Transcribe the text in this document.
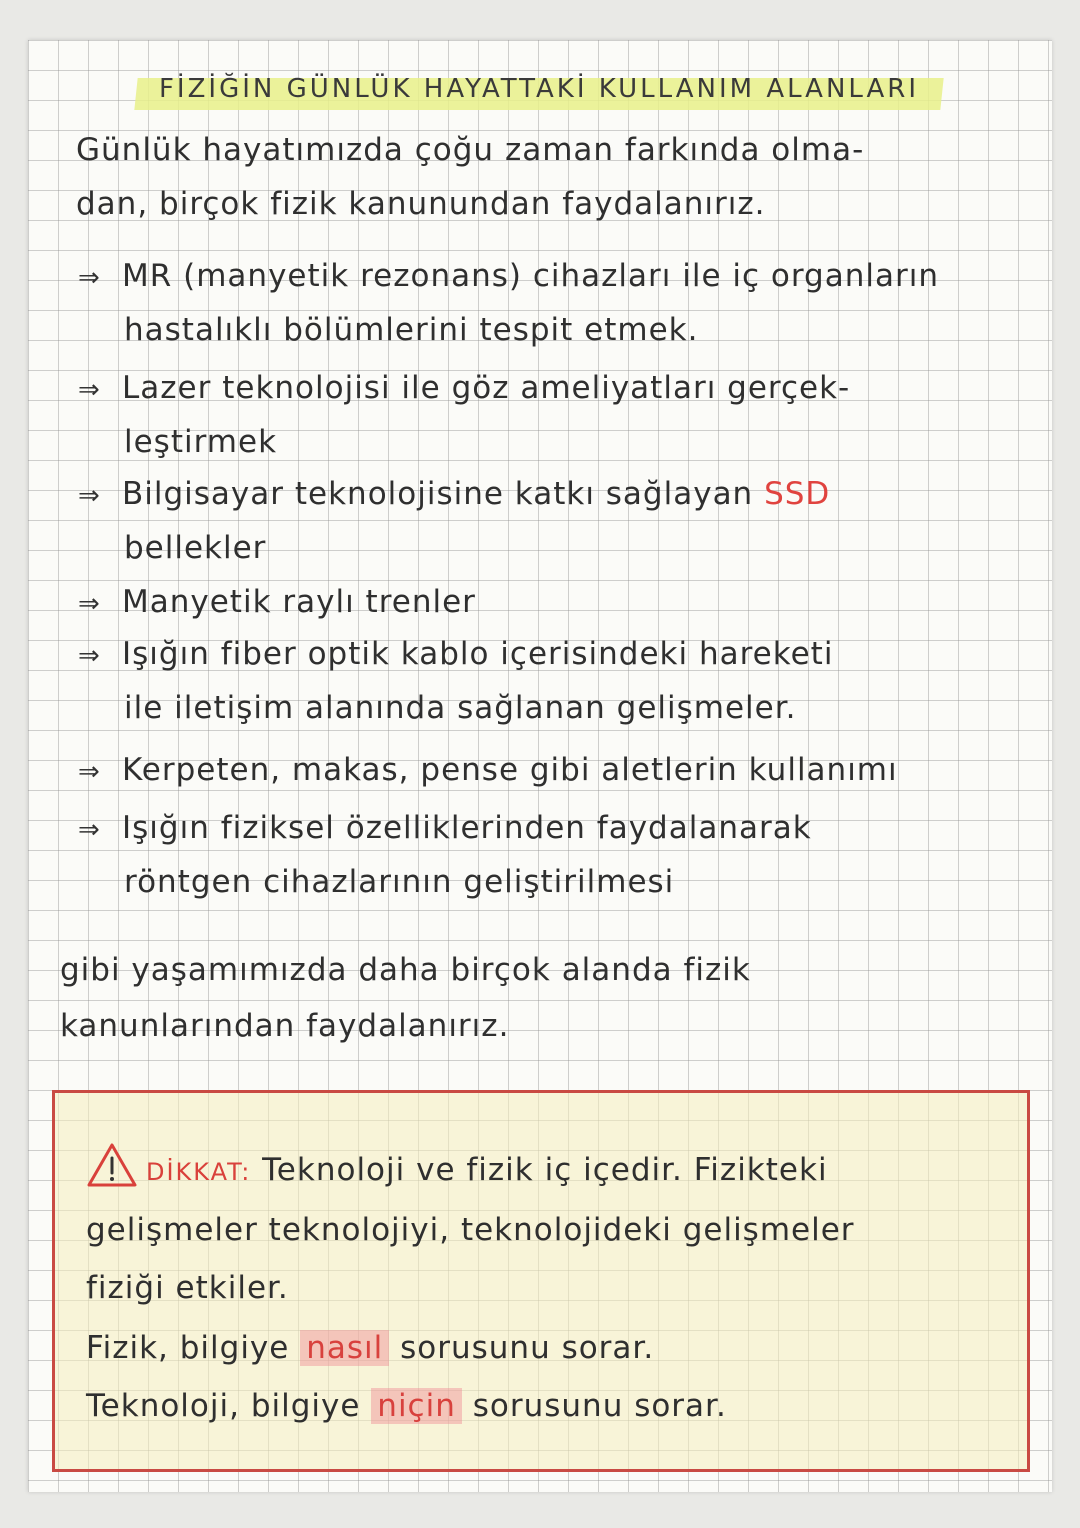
FİZİĞİN GÜNLÜK HAYATTAKİ KULLANIM ALANLARI
Günlük hayatımızda çoğu zaman farkında olma-
dan, birçok fizik kanunundan faydalanırız.
⇒ MR (manyetik rezonans) cihazları ile iç organların
hastalıklı bölümlerini tespit etmek.
⇒ Lazer teknolojisi ile göz ameliyatları gerçek-
leştirmek
⇒ Bilgisayar teknolojisine katkı sağlayan SSD
bellekler
⇒ Manyetik raylı trenler
⇒ Işığın fiber optik kablo içerisindeki hareketi
ile iletişim alanında sağlanan gelişmeler.
⇒ Kerpeten, makas, pense gibi aletlerin kullanımı
⇒ Işığın fiziksel özelliklerinden faydalanarak
röntgen cihazlarının geliştirilmesi
gibi yaşamımızda daha birçok alanda fizik
kanunlarından faydalanırız.
DİKKAT: Teknoloji ve fizik iç içedir. Fizikteki
gelişmeler teknolojiyi, teknolojideki gelişmeler
fiziği etkiler.
Fizik, bilgiye nasıl sorusunu sorar.
Teknoloji, bilgiye niçin sorusunu sorar.
